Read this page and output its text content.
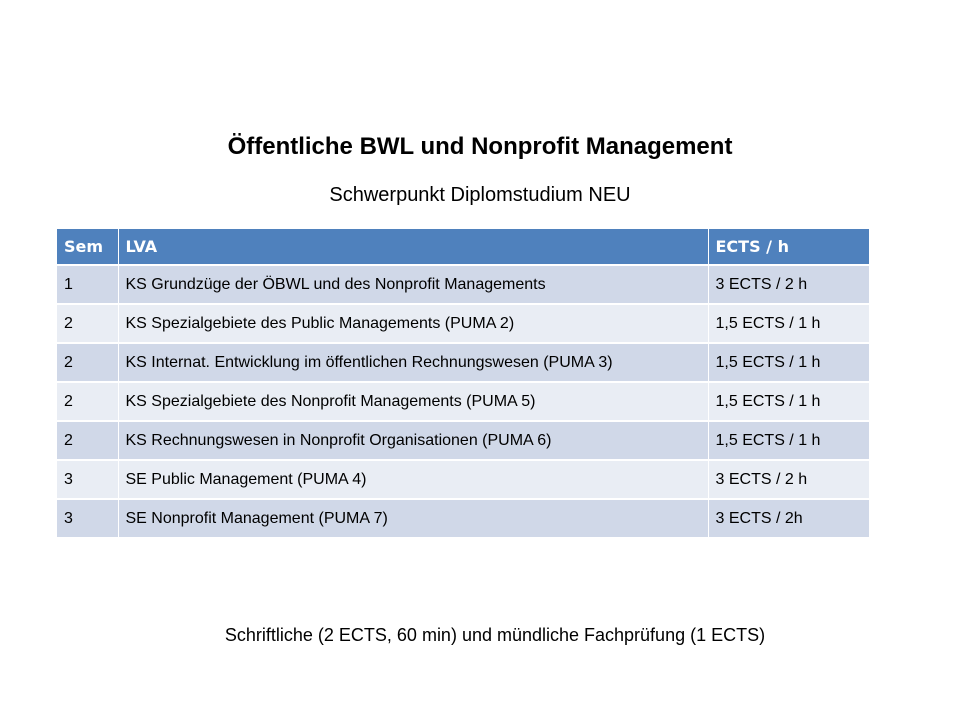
Öffentliche BWL und Nonprofit Management
Schwerpunkt Diplomstudium NEU
Sem	LVA	ECTS / h
1	KS Grundzüge der ÖBWL und des Nonprofit Managements	3 ECTS / 2 h
2	KS Spezialgebiete des Public Managements (PUMA 2)	1,5 ECTS / 1 h
2	KS Internat. Entwicklung im öffentlichen Rechnungswesen (PUMA 3)	1,5 ECTS / 1 h
2	KS Spezialgebiete des Nonprofit Managements (PUMA 5)	1,5 ECTS / 1 h
2	KS Rechnungswesen in Nonprofit Organisationen (PUMA 6)	1,5 ECTS / 1 h
3	SE Public Management (PUMA 4)	3 ECTS / 2 h
3	SE Nonprofit Management (PUMA 7)	3 ECTS / 2h
Schriftliche (2 ECTS, 60 min) und mündliche Fachprüfung (1 ECTS)
